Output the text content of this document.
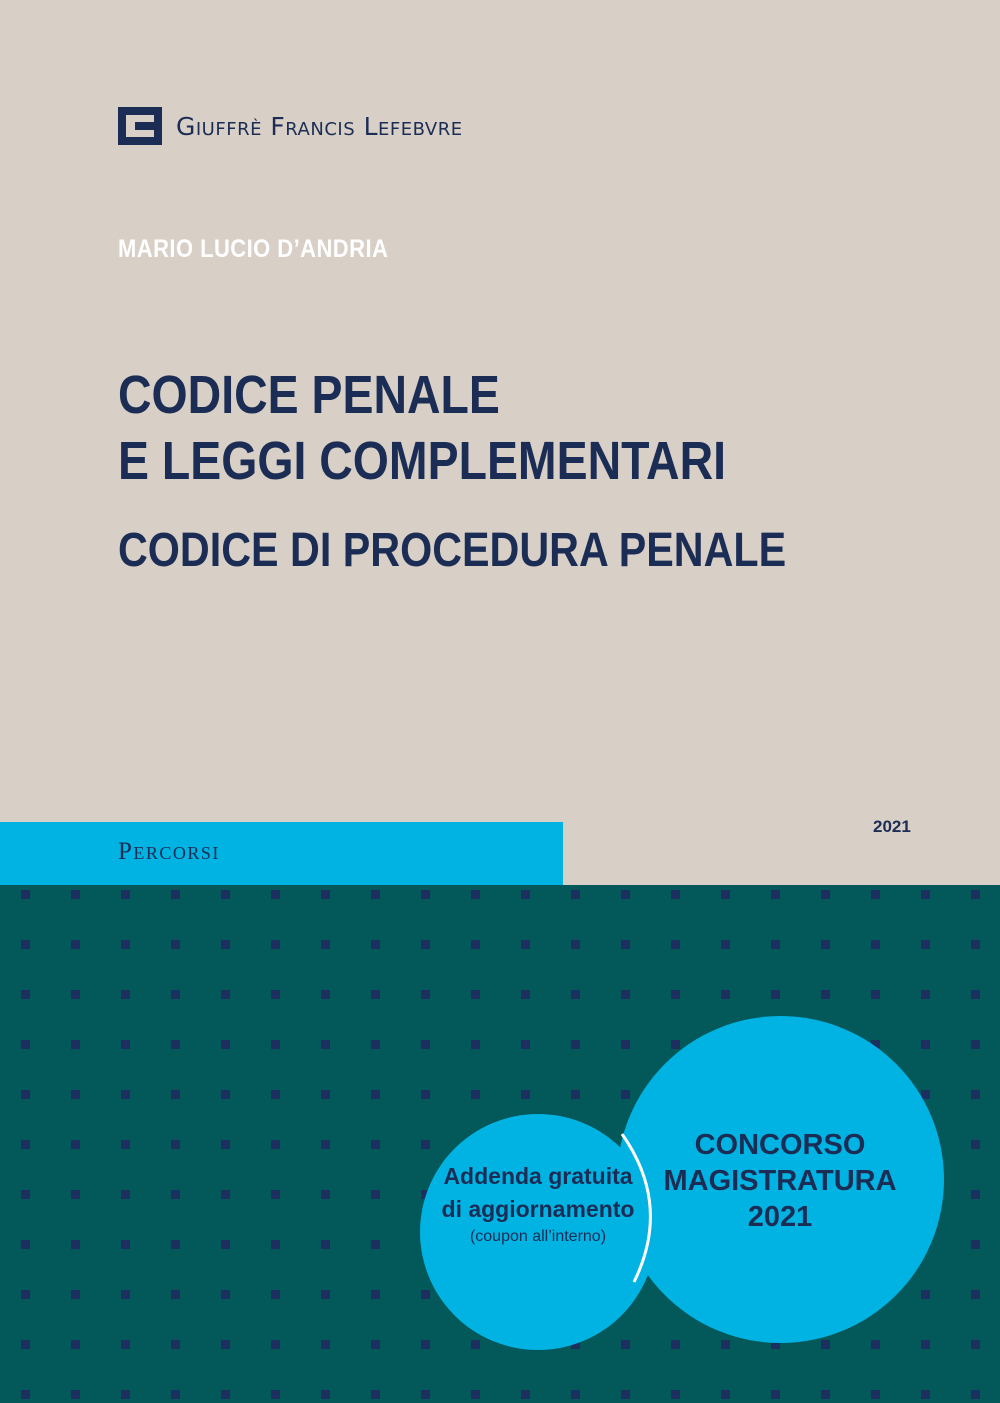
Giuffrè Francis Lefebvre
MARIO LUCIO D’ANDRIA
CODICE PENALE
E LEGGI COMPLEMENTARI
CODICE DI PROCEDURA PENALE
Percorsi
2021
Addenda gratuita
di aggiornamento
(coupon all’interno)
CONCORSO
MAGISTRATURA
2021
